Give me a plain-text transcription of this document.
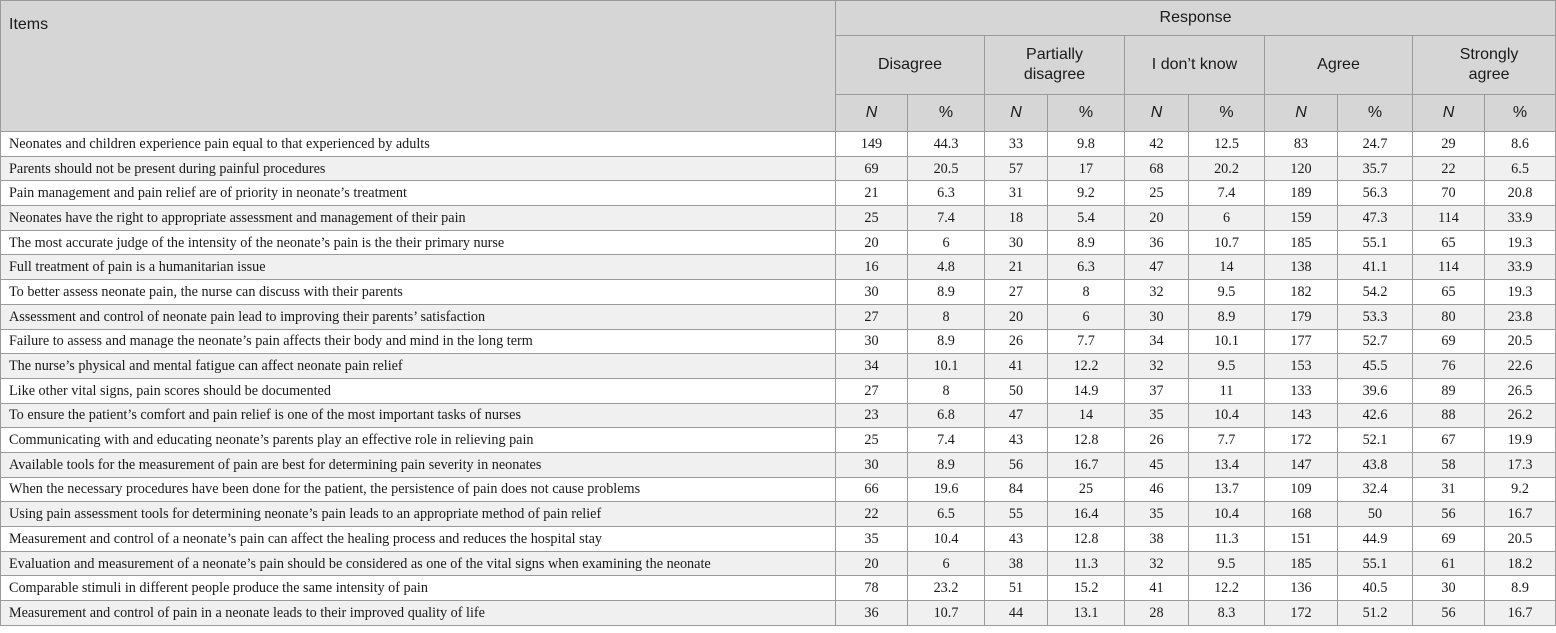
Items	Response									
	Disagree		Partially disagree		I don’t know		Agree		Strongly agree	
	N	%	N	%	N	%	N	%	N	%
Neonates and children experience pain equal to that experienced by adults	149	44.3	33	9.8	42	12.5	83	24.7	29	8.6
Parents should not be present during painful procedures	69	20.5	57	17	68	20.2	120	35.7	22	6.5
Pain management and pain relief are of priority in neonate’s treatment	21	6.3	31	9.2	25	7.4	189	56.3	70	20.8
Neonates have the right to appropriate assessment and management of their pain	25	7.4	18	5.4	20	6	159	47.3	114	33.9
The most accurate judge of the intensity of the neonate’s pain is the their primary nurse	20	6	30	8.9	36	10.7	185	55.1	65	19.3
Full treatment of pain is a humanitarian issue	16	4.8	21	6.3	47	14	138	41.1	114	33.9
To better assess neonate pain, the nurse can discuss with their parents	30	8.9	27	8	32	9.5	182	54.2	65	19.3
Assessment and control of neonate pain lead to improving their parents’ satisfaction	27	8	20	6	30	8.9	179	53.3	80	23.8
Failure to assess and manage the neonate’s pain affects their body and mind in the long term	30	8.9	26	7.7	34	10.1	177	52.7	69	20.5
The nurse’s physical and mental fatigue can affect neonate pain relief	34	10.1	41	12.2	32	9.5	153	45.5	76	22.6
Like other vital signs, pain scores should be documented	27	8	50	14.9	37	11	133	39.6	89	26.5
To ensure the patient’s comfort and pain relief is one of the most important tasks of nurses	23	6.8	47	14	35	10.4	143	42.6	88	26.2
Communicating with and educating neonate’s parents play an effective role in relieving pain	25	7.4	43	12.8	26	7.7	172	52.1	67	19.9
Available tools for the measurement of pain are best for determining pain severity in neonates	30	8.9	56	16.7	45	13.4	147	43.8	58	17.3
When the necessary procedures have been done for the patient, the persistence of pain does not cause problems	66	19.6	84	25	46	13.7	109	32.4	31	9.2
Using pain assessment tools for determining neonate’s pain leads to an appropriate method of pain relief	22	6.5	55	16.4	35	10.4	168	50	56	16.7
Measurement and control of a neonate’s pain can affect the healing process and reduces the hospital stay	35	10.4	43	12.8	38	11.3	151	44.9	69	20.5
Evaluation and measurement of a neonate’s pain should be considered as one of the vital signs when examining the neonate	20	6	38	11.3	32	9.5	185	55.1	61	18.2
Comparable stimuli in different people produce the same intensity of pain	78	23.2	51	15.2	41	12.2	136	40.5	30	8.9
Measurement and control of pain in a neonate leads to their improved quality of life	36	10.7	44	13.1	28	8.3	172	51.2	56	16.7
